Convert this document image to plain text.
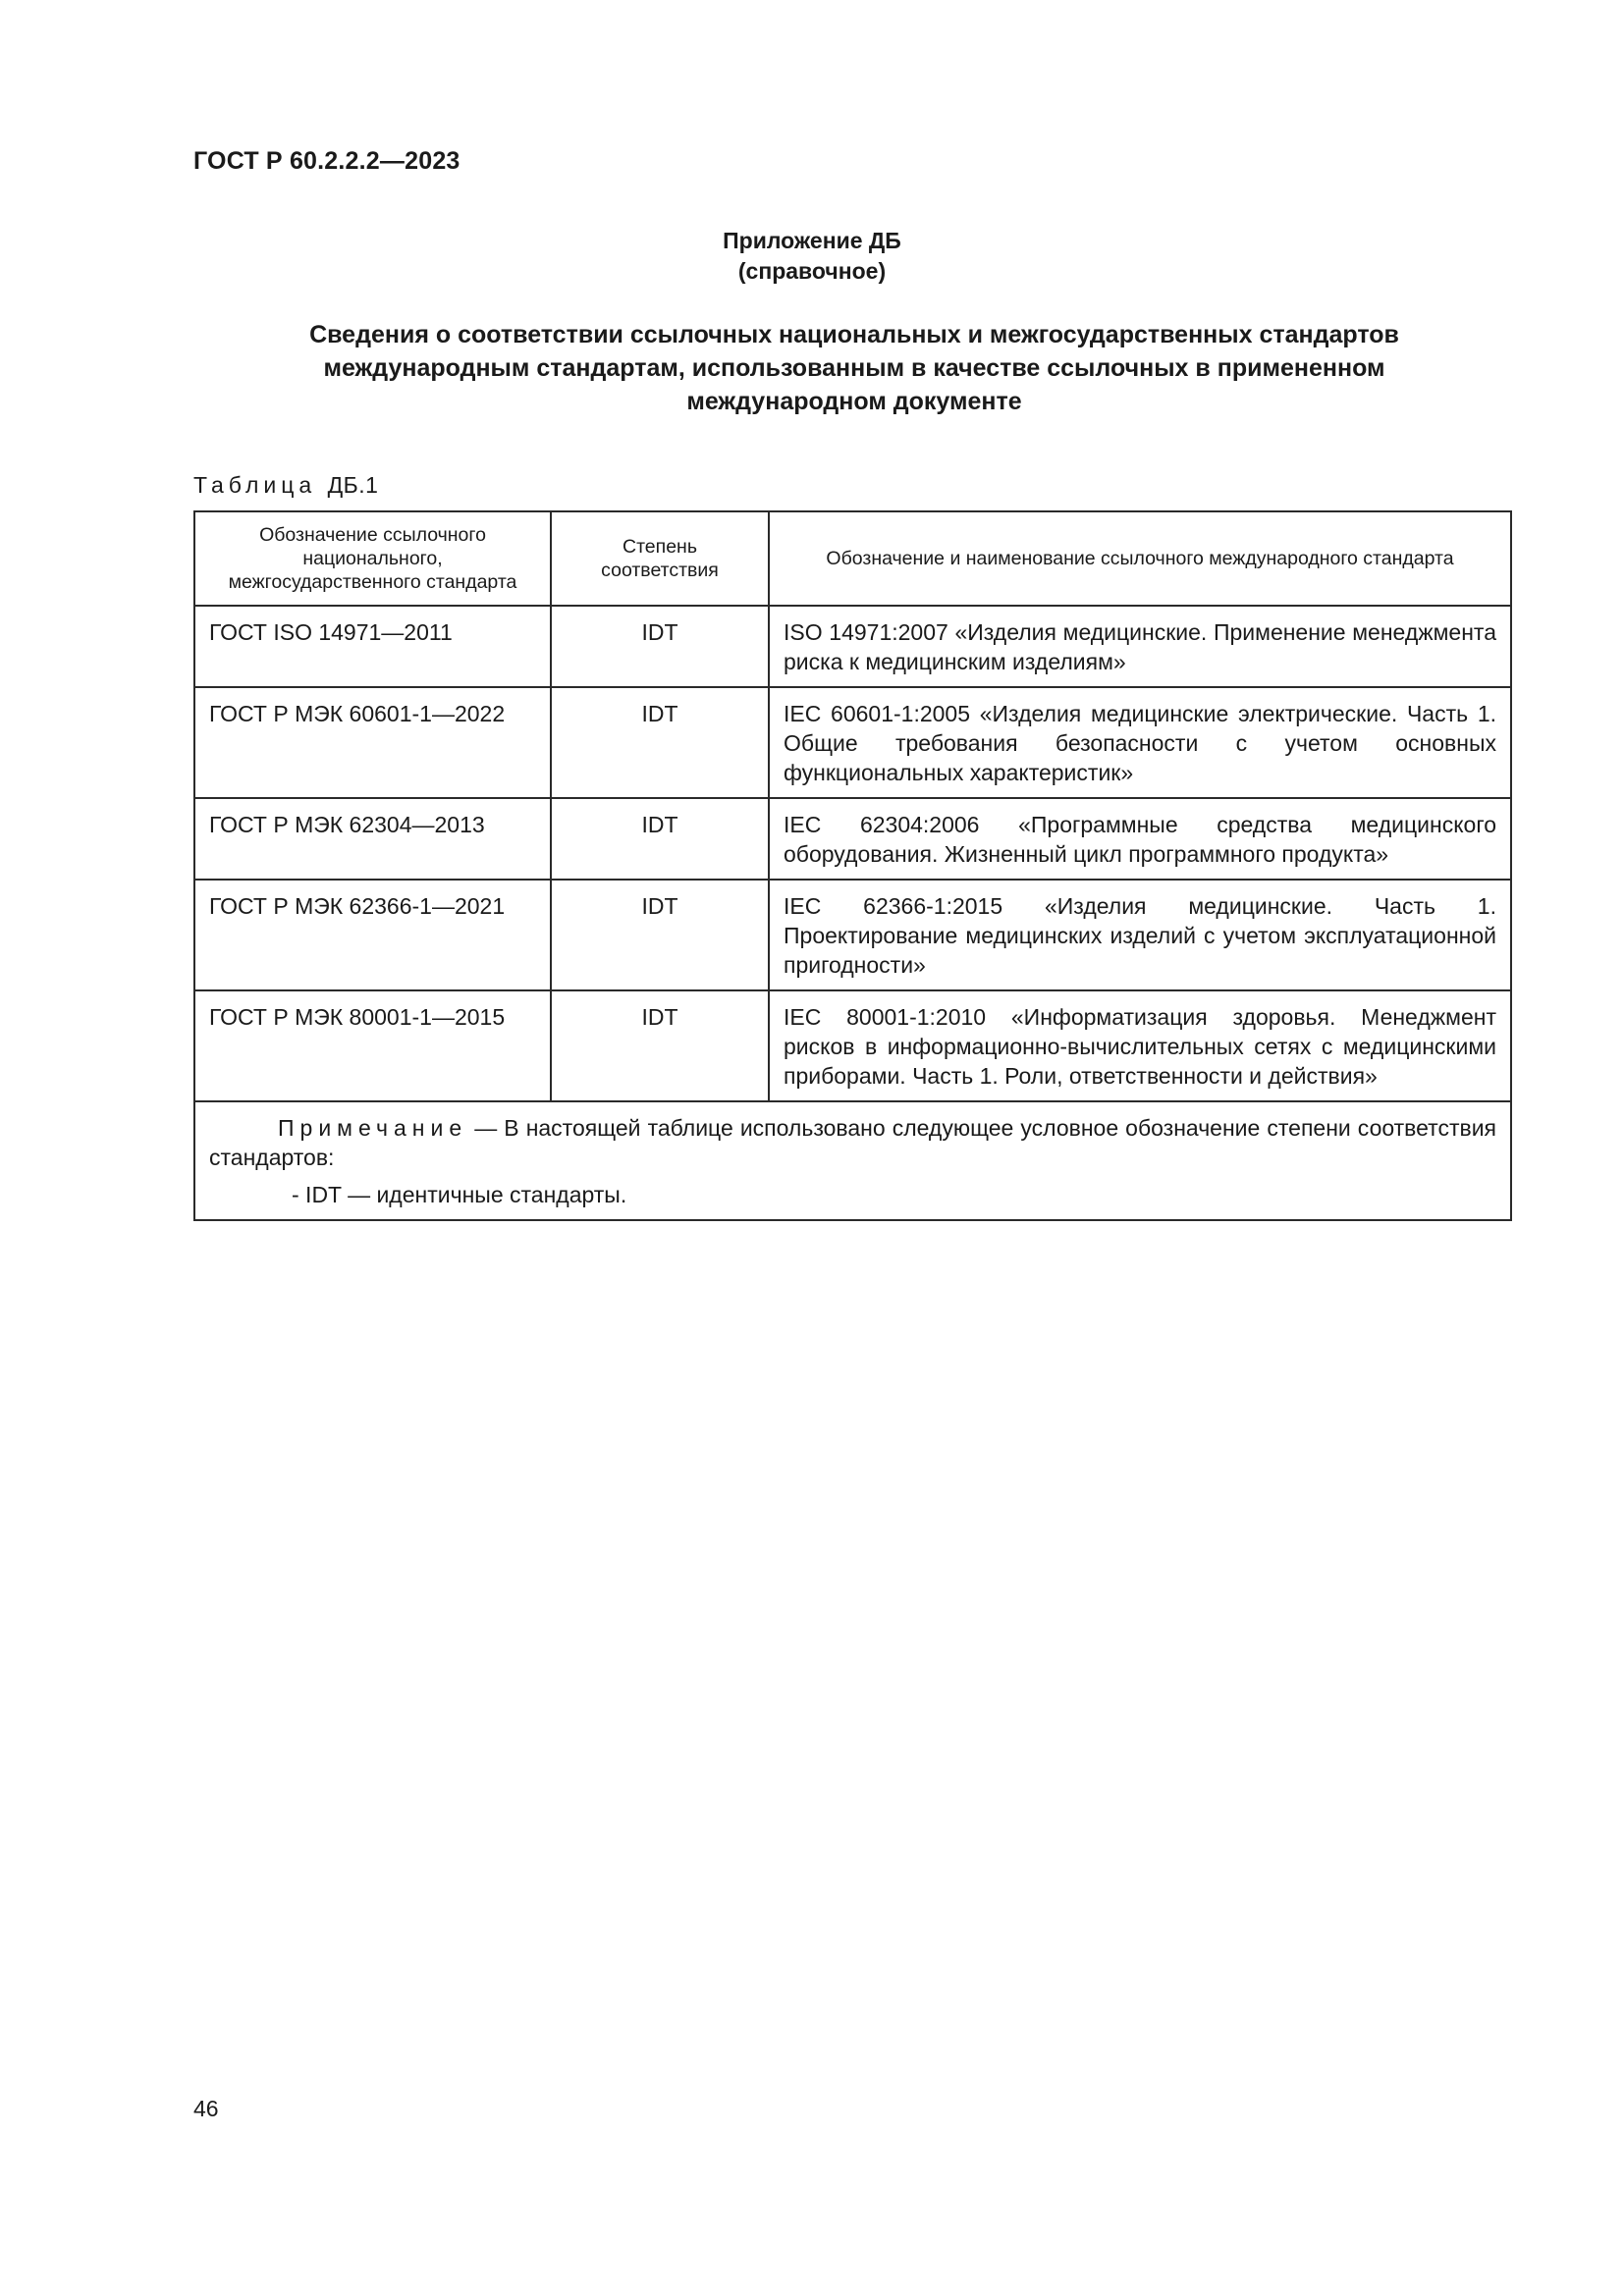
ГОСТ Р 60.2.2.2—2023
Приложение ДБ
(справочное)
Сведения о соответствии ссылочных национальных и межгосударственных стандартов
международным стандартам, использованным в качестве ссылочных в примененном
международном документе
Таблица ДБ.1
Обозначение ссылочного национального, межгосударственного стандарта	Степень соответствия	Обозначение и наименование ссылочного международного стандарта
ГОСТ ISO 14971—2011	IDT	ISO 14971:2007 «Изделия медицинские. Применение менеджмента риска к медицинским изделиям»
ГОСТ Р МЭК 60601-1—2022	IDT	IEC 60601-1:2005 «Изделия медицинские электрические. Часть 1. Общие требования безопасности с учетом основных функциональных характеристик»
ГОСТ Р МЭК 62304—2013	IDT	IEC 62304:2006 «Программные средства медицинского оборудования. Жизненный цикл программного продукта»
ГОСТ Р МЭК 62366-1—2021	IDT	IEC 62366-1:2015 «Изделия медицинские. Часть 1. Проектирование медицинских изделий с учетом эксплуатационной пригодности»
ГОСТ Р МЭК 80001-1—2015	IDT	IEC 80001-1:2010 «Информатизация здоровья. Менеджмент рисков в информационно-вычислительных сетях с медицинскими приборами. Часть 1. Роли, ответственности и действия»

Примечание — В настоящей таблице использовано следующее условное обозначение степени соответствия стандартов:
- IDT — идентичные стандарты.		
46
